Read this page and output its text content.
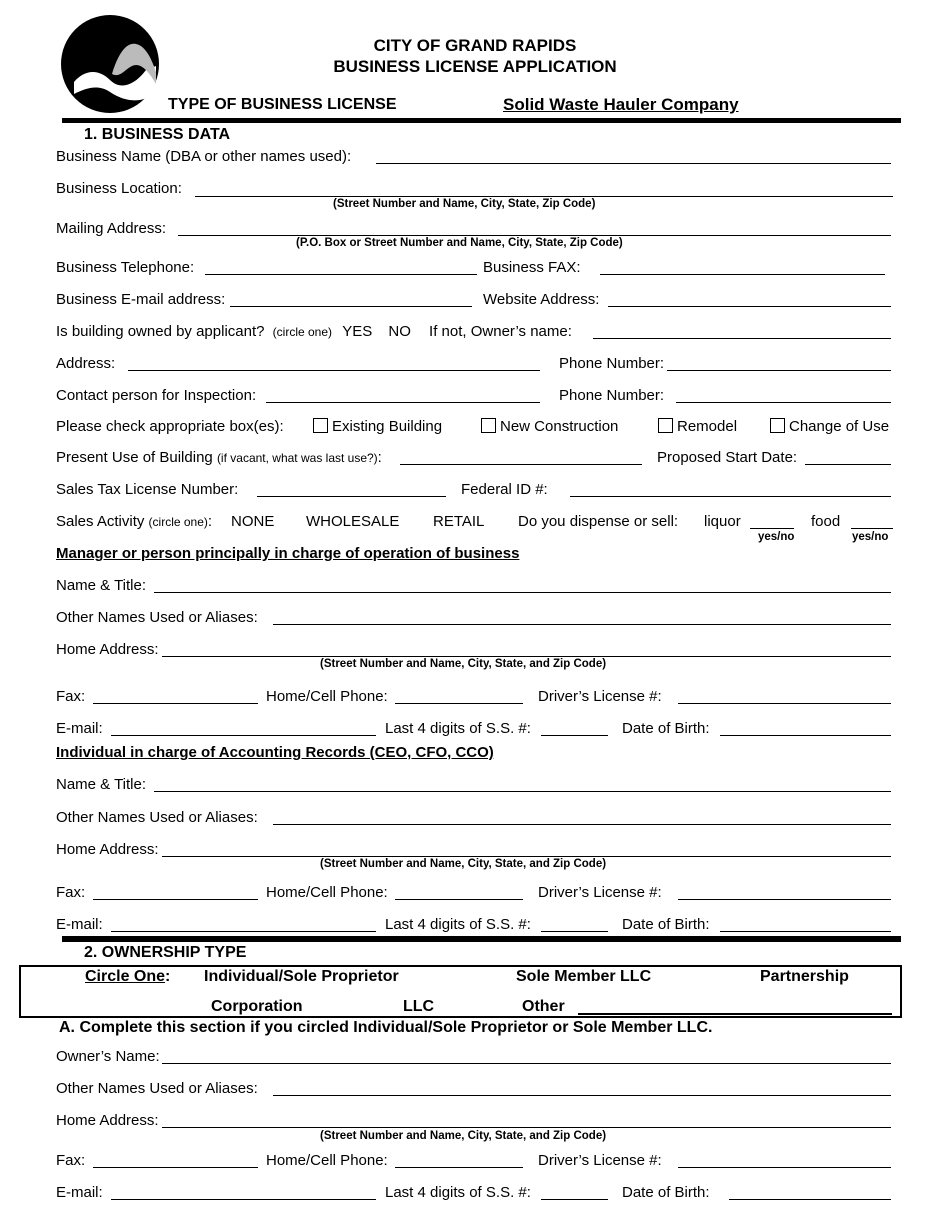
CITY OF GRAND RAPIDS
BUSINESS LICENSE APPLICATION
TYPE OF BUSINESS LICENSE	Solid Waste Hauler Company
1. BUSINESS DATA
Business Name (DBA or other names used):
Business Location:
(Street Number and Name, City, State, Zip Code)
Mailing Address:
(P.O. Box or Street Number and Name, City, State, Zip Code)
Business Telephone:	Business FAX:
Business E-mail address:	Website Address:
Is building owned by applicant? (circle one) YES NO If not, Owner’s name:
Address:	Phone Number:
Contact person for Inspection:	Phone Number:
Please check appropriate box(es):	Existing Building	New Construction	Remodel	Change of Use
Present Use of Building (if vacant, what was last use?):	Proposed Start Date:
Sales Tax License Number:	Federal ID #:
Sales Activity (circle one): NONE WHOLESALE RETAIL Do you dispense or sell: liquor	food
yes/no	yes/no
Manager or person principally in charge of operation of business
Name & Title:
Other Names Used or Aliases:
Home Address:
(Street Number and Name, City, State, and Zip Code)
Fax:	Home/Cell Phone:	Driver’s License #:
E-mail:	Last 4 digits of S.S. #:	Date of Birth:
Individual in charge of Accounting Records (CEO, CFO, CCO)
Name & Title:
Other Names Used or Aliases:
Home Address:
(Street Number and Name, City, State, and Zip Code)
Fax:	Home/Cell Phone:	Driver’s License #:
E-mail:	Last 4 digits of S.S. #:	Date of Birth:
2. OWNERSHIP TYPE
Circle One: Individual/Sole Proprietor	Sole Member LLC	Partnership
Corporation	LLC	Other
A. Complete this section if you circled Individual/Sole Proprietor or Sole Member LLC.
Owner’s Name:
Other Names Used or Aliases:
Home Address:
(Street Number and Name, City, State, and Zip Code)
Fax:	Home/Cell Phone:	Driver’s License #:
E-mail:	Last 4 digits of S.S. #:	Date of Birth:
